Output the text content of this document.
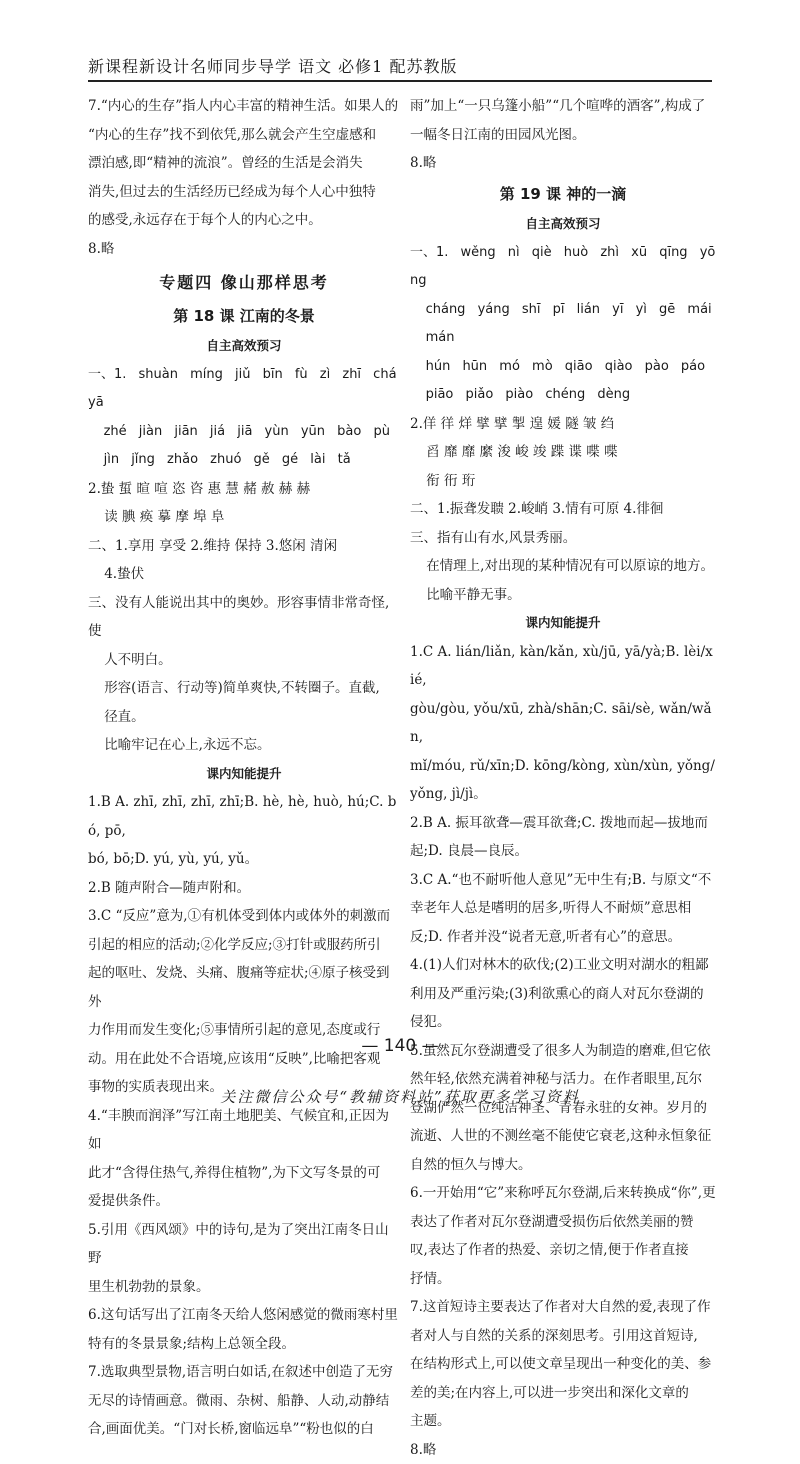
新课程新设计名师同步导学 语文 必修1 配苏教版

7.“内心的生存”指人内心丰富的精神生活。如果人的

“内心的生存”找不到依凭,那么就会产生空虚感和

漂泊感,即“精神的流浪”。曾经的生活是会消失

消失,但过去的生活经历已经成为每个人心中独特

的感受,永远存在于每个人的内心之中。

8.略

专题四 像山那样思考
第 18 课 江南的冬景
自主高效预习

一、1. shuàn míng jiǔ bīn fù zì zhī chá yā

zhé jiàn jiān jiá jiā yùn yūn bào pù

jìn jǐng zhǎo zhuó gě gé lài tǎ

2.蛰 蜇 暄 喧 恣 咨 惠 慧 赭 赦 赫 赫

读 腆 痪 摹 摩 埠 阜

二、1.享用 享受 2.维持 保持 3.悠闲 清闲

4.蛰伏

三、没有人能说出其中的奥妙。形容事情非常奇怪,使

人不明白。

形容(语言、行动等)简单爽快,不转圈子。直截,

径直。

比喻牢记在心上,永远不忘。

课内知能提升

1.B A. zhī, zhī, zhī, zhī;B. hè, hè, huò, hú;C. bó, pō,

bó, bō;D. yú, yù, yú, yǔ。

2.B 随声附合—随声附和。

3.C “反应”意为,①有机体受到体内或体外的刺激而

引起的相应的活动;②化学反应;③打针或服药所引

起的呕吐、发烧、头痛、腹痛等症状;④原子核受到外

力作用而发生变化;⑤事情所引起的意见,态度或行

动。用在此处不合语境,应该用“反映”,比喻把客观

事物的实质表现出来。

4.“丰腴而润泽”写江南土地肥美、气候宜和,正因为如

此才“含得住热气,养得住植物”,为下文写冬景的可

爱提供条件。

5.引用《西风颂》中的诗句,是为了突出江南冬日山野

里生机勃勃的景象。

6.这句话写出了江南冬天给人悠闲感觉的微雨寒村里

特有的冬景景象;结构上总领全段。

7.选取典型景物,语言明白如话,在叙述中创造了无穷

无尽的诗情画意。微雨、杂树、船静、人动,动静结

合,画面优美。“门对长桥,窗临远阜”“粉也似的白

雨”加上“一只乌篷小船”“几个喧哗的酒客”,构成了

一幅冬日江南的田园风光图。

8.略

第 19 课 神的一滴
自主高效预习

一、1. wěng nì qiè huò zhì xū qīng yōng

cháng yáng shī pī lián yī yì gē mái mán

hún hūn mó mò qiāo qiào pào páo

piāo piǎo piào chéng dèng

2.佯 徉 烊 擘 擘 掣 遑 媛 隧 皱 绉

舀 靡 靡 縻 浚 峻 竣 蹀 谍 喋 喋

衔 衎 珩

二、1.振聋发聩 2.峻峭 3.情有可原 4.徘徊

三、指有山有水,风景秀丽。

在情理上,对出现的某种情况有可以原谅的地方。

比喻平静无事。

课内知能提升

1.C A. lián/liǎn, kàn/kǎn, xù/jū, yā/yà;B. lèi/xié,

gòu/gòu, yǒu/xū, zhà/shān;C. sāi/sè, wǎn/wǎn,

mǐ/móu, rǔ/xīn;D. kōng/kòng, xùn/xùn, yǒng/

yǒng, jì/jì。

2.B A. 振耳欲聋—震耳欲聋;C. 拨地而起—拔地而

起;D. 良晨—良辰。

3.C A.“也不耐听他人意见”无中生有;B. 与原文“不

幸老年人总是嗜明的居多,听得人不耐烦”意思相

反;D. 作者并没“说者无意,听者有心”的意思。

4.(1)人们对林木的砍伐;(2)工业文明对湖水的粗鄙

利用及严重污染;(3)利欲熏心的商人对瓦尔登湖的

侵犯。

5.虽然瓦尔登湖遭受了很多人为制造的磨难,但它依

然年轻,依然充满着神秘与活力。在作者眼里,瓦尔

登湖俨然一位纯洁神圣、青春永驻的女神。岁月的

流逝、人世的不测丝毫不能使它衰老,这种永恒象征

自然的恒久与博大。

6.一开始用“它”来称呼瓦尔登湖,后来转换成“你”,更

表达了作者对瓦尔登湖遭受损伤后依然美丽的赞

叹,表达了作者的热爱、亲切之情,便于作者直接

抒情。

7.这首短诗主要表达了作者对大自然的爱,表现了作

者对人与自然的关系的深刻思考。引用这首短诗,

在结构形式上,可以使文章呈现出一种变化的美、参

差的美;在内容上,可以进一步突出和深化文章的

主题。

8.略

— 140 —
关注微信公众号“教辅资料站”获取更多学习资料
